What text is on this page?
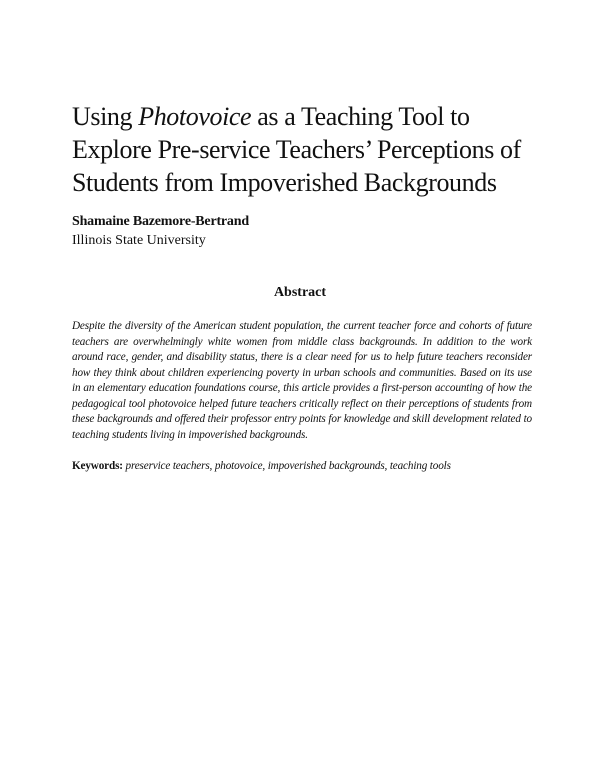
Using Photovoice as a Teaching Tool to Explore Pre-service Teachers’ Perceptions of Students from Impoverished Backgrounds

Shamaine Bazemore-Bertrand

Illinois State University

Abstract

Despite the diversity of the American student population, the current teacher force and cohorts of future teachers are overwhelmingly white women from middle class backgrounds. In addition to the work around race, gender, and disability status, there is a clear need for us to help future teachers reconsider how they think about children experiencing poverty in urban schools and communities. Based on its use in an elementary education foundations course, this article provides a first-person accounting of how the pedagogical tool photovoice helped future teachers critically reflect on their perceptions of students from these backgrounds and offered their professor entry points for knowledge and skill development related to teaching students living in impoverished backgrounds.

Keywords: preservice teachers, photovoice, impoverished backgrounds, teaching tools
